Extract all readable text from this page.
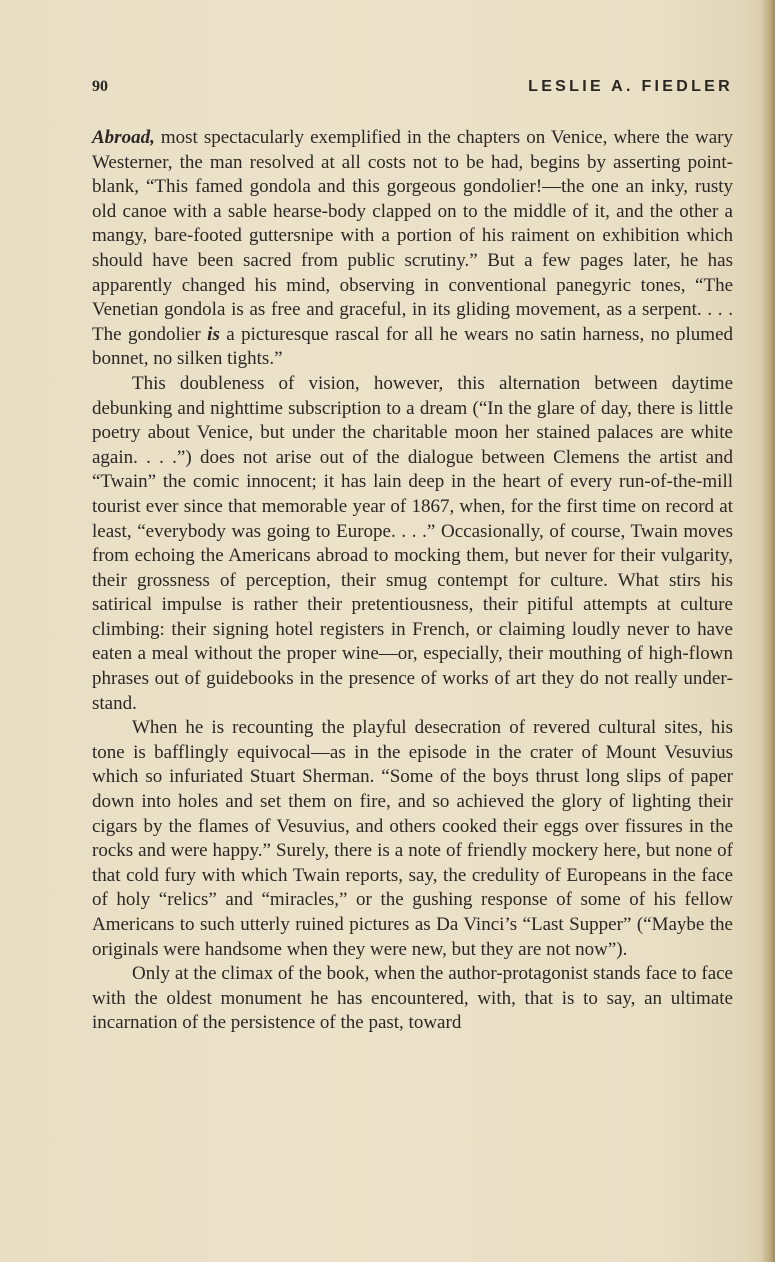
90	LESLIE A. FIEDLER

Abroad, most spectacularly exemplified in the chapters on Venice, where the wary Westerner, the man resolved at all costs not to be had, begins by asserting point-blank, “This famed gondola and this gorgeous gondolier!—the one an inky, rusty old canoe with a sable hearse-body clapped on to the middle of it, and the other a mangy, bare-footed guttersnipe with a portion of his raiment on exhibition which should have been sacred from public scrutiny.” But a few pages later, he has apparently changed his mind, observing in conventional panegyric tones, “The Venetian gondola is as free and graceful, in its gliding movement, as a serpent. . . . The gondolier is a picturesque rascal for all he wears no satin harness, no plumed bonnet, no silken tights.”

This doubleness of vision, however, this alternation between daytime debunking and nighttime subscription to a dream (“In the glare of day, there is little poetry about Venice, but under the charitable moon her stained palaces are white again. . . .”) does not arise out of the dialogue between Clemens the artist and “Twain” the comic innocent; it has lain deep in the heart of every run-of-the-mill tourist ever since that memorable year of 1867, when, for the first time on record at least, “everybody was going to Europe. . . .” Occasionally, of course, Twain moves from echoing the Americans abroad to mocking them, but never for their vulgarity, their grossness of perception, their smug contempt for culture. What stirs his satirical impulse is rather their pretentiousness, their pitiful attempts at culture climbing: their signing hotel registers in French, or claiming loudly never to have eaten a meal without the proper wine—or, especially, their mouthing of high-flown phrases out of guidebooks in the presence of works of art they do not really understand.

When he is recounting the playful desecration of revered cultural sites, his tone is bafflingly equivocal—as in the episode in the crater of Mount Vesuvius which so infuriated Stuart Sherman. “Some of the boys thrust long slips of paper down into holes and set them on fire, and so achieved the glory of lighting their cigars by the flames of Vesuvius, and others cooked their eggs over fissures in the rocks and were happy.” Surely, there is a note of friendly mockery here, but none of that cold fury with which Twain reports, say, the credulity of Europeans in the face of holy “relics” and “miracles,” or the gushing response of some of his fellow Americans to such utterly ruined pictures as Da Vinci’s “Last Supper” (“Maybe the originals were handsome when they were new, but they are not now”).

Only at the climax of the book, when the author-protagonist stands face to face with the oldest monument he has encountered, with, that is to say, an ultimate incarnation of the persistence of the past, toward
